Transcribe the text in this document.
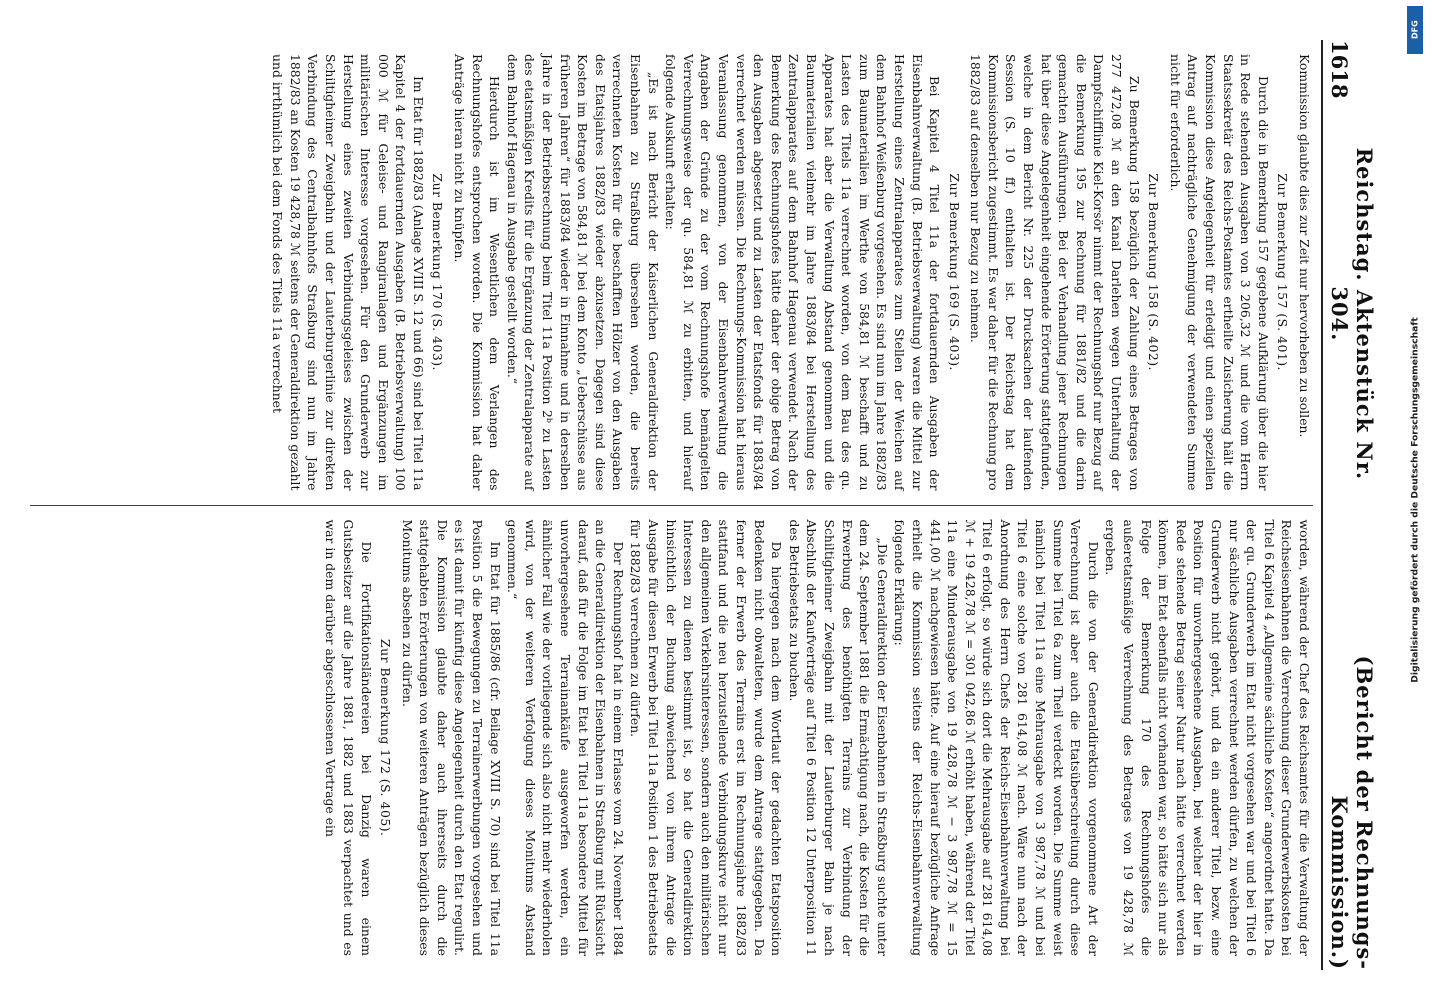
1618
Reichstag. Aktenstück Nr. 304.
(Bericht der Rechnungs-Kommission.)

Kommission glaubte dies zur Zeit nur hervorheben zu sollen.

Zur Bemerkung 157 (S. 401).

Durch die in Bemerkung 157 gegebene Aufklärung über die hier in Rede stehenden Ausgaben von 3 206,32 ℳ und die vom Herrn Staatssekretär des Reichs-Postamtes ertheilte Zusicherung hält die Kommission diese Angelegenheit für erledigt und einen speziellen Antrag auf nachträgliche Genehmigung der verwendeten Summe nicht für erforderlich.

Zur Bemerkung 158 (S. 402).

Zu Bemerkung 158 bezüglich der Zahlung eines Betrages von 277 472,08 ℳ an den Kanal Darlehen wegen Unterhaltung der Dampfschifflinie Kiel-Korsör nimmt der Rechnungshof nur Bezug auf die Bemerkung 195 zur Rechnung für 1881/82 und die darin gemachten Ausführungen. Bei der Verhandlung jener Rechnungen hat über diese Angelegenheit eingehende Erörterung stattgefunden, welche in dem Bericht Nr. 225 der Drucksachen der laufenden Session (S. 10 ff.) enthalten ist. Der Reichstag hat dem Kommissionsbericht zugestimmt. Es war daher für die Rechnung pro 1882/83 auf denselben nur Bezug zu nehmen.

Zur Bemerkung 169 (S. 403).

Bei Kapitel 4 Titel 11a der fortdauernden Ausgaben der Eisenbahnverwaltung (B. Betriebsverwaltung) waren die Mittel zur Herstellung eines Zentralapparates zum Stellen der Weichen auf dem Bahnhof Weißenburg vorgesehen. Es sind nun im Jahre 1882/83 zum Baumaterialien im Werthe von 584,81 ℳ beschafft und zu Lasten des Titels 11a verrechnet worden, von dem Bau des qu. Apparates hat aber die Verwaltung Abstand genommen und die Baumaterialien vielmehr im Jahre 1883/84 bei Herstellung des Zentralapparates auf dem Bahnhof Hagenau verwendet. Nach der Bemerkung des Rechnungshofes hätte daher der obige Betrag von den Ausgaben abgesetzt und zu Lasten der Etatsfonds für 1883/84 verrechnet werden müssen. Die Rechnungs-Kommission hat hieraus Veranlassung genommen, von der Eisenbahnverwaltung die Angaben der Gründe zu der vom Rechnungshofe bemängelten Verrechnungsweise der qu. 584,81 ℳ zu erbitten, und hierauf folgende Auskunft erhalten:

„Es ist nach Bericht der Kaiserlichen Generaldirektion der Eisenbahnen zu Straßburg übersehen worden, die bereits verrechneten Kosten für die beschafften Hölzer von den Ausgaben des Etatsjahres 1882/83 wieder abzusetzen. Dagegen sind diese Kosten im Betrage von 584,81 ℳ bei dem Konto „Ueberschüsse aus früheren Jahren“ für 1883/84 wieder in Einnahme und in derselben Jahre in der Betriebsrechnung beim Titel 11a Position 2ᵇ zu Lasten des etatsmäßigen Kredits für die Ergänzung der Zentralapparate auf dem Bahnhof Hagenau in Ausgabe gestellt worden.“

Hierdurch ist im Wesentlichen dem Verlangen des Rechnungshofes entsprochen worden. Die Kommission hat daher Anträge hieran nicht zu knüpfen.

Zur Bemerkung 170 (S. 403).

Im Etat für 1882/83 (Anlage XVIII S. 12 und 66) sind bei Titel 11a Kapitel 4 der fortdauernden Ausgaben (B. Betriebsverwaltung) 100 000 ℳ für Geleise- und Rangiranlagen und Ergänzungen im militärischen Interesse vorgesehen. Für den Grunderwerb zur Herstellung eines zweiten Verbindungsgeleises zwischen der Schiltigheimer Zweigbahn und der Lauterburgerlinie zur direkten Verbindung des Centralbahnhofs Straßburg sind nun im Jahre 1882/83 an Kosten 19 428,78 ℳ seitens der Generaldirektion gezahlt und irrthümlich bei dem Fonds des Titels 11a verrechnet

worden, während der Chef des Reichsamtes für die Verwaltung der Reichseisenbahnen die Verrechnung dieser Grunderwerbskosten bei Titel 6 Kapitel 4 „Allgemeine sächliche Kosten“ angeordnet hatte. Da der qu. Grunderwerb im Etat nicht vorgesehen war und bei Titel 6 nur sächliche Ausgaben verrechnet werden dürfen, zu welchen der Grunderwerb nicht gehört, und da ein anderer Titel, bezw. eine Position für unvorhergesehene Ausgaben, bei welcher der hier in Rede stehende Betrag seiner Natur nach hätte verrechnet werden können, im Etat ebenfalls nicht vorhanden war, so hätte sich nur als Folge der Bemerkung 170 des Rechnungshofes die außeretatsmäßige Verrechnung des Betrages von 19 428,78 ℳ ergeben.

Durch die von der Generaldirektion vorgenommene Art der Verrechnung ist aber auch die Etatsüberschreitung durch diese Summe bei Titel 6a zum Theil verdeckt worden. Die Summe weist nämlich bei Titel 11a eine Mehrausgabe von 3 987,78 ℳ und bei Titel 6 eine solche von 281 614,08 ℳ nach. Wäre nun nach der Anordnung des Herrn Chefs der Reichs-Eisenbahnverwaltung bei Titel 6 erfolgt, so würde sich dort die Mehrausgabe auf 281 614,08 ℳ + 19 428,78 ℳ = 301 042,86 ℳ erhöht haben, während der Titel 11a eine Minderausgabe von 19 428,78 ℳ − 3 987,78 ℳ = 15 441,00 ℳ nachgewiesen hätte. Auf eine hierauf bezügliche Anfrage erhielt die Kommission seitens der Reichs-Eisenbahnverwaltung folgende Erklärung:

„Die Generaldirektion der Eisenbahnen in Straßburg suchte unter dem 24. September 1881 die Ermächtigung nach, die Kosten für die Erwerbung des benöthigten Terrains zur Verbindung der Schiltigheimer Zweigbahn mit der Lauterburger Bahn je nach Abschluß der Kaufverträge auf Titel 6 Position 12 Unterposition 11 des Betriebsetats zu buchen.

Da hiergegen nach dem Wortlaut der gedachten Etatsposition Bedenken nicht obwalteten, wurde dem Antrage stattgegeben. Da ferner der Erwerb des Terrains erst im Rechnungsjahre 1882/83 stattfand und die neu herzustellende Verbindungskurve nicht nur den allgemeinen Verkehrsinteressen, sondern auch den militärischen Interessen zu dienen bestimmt ist, so hat die Generaldirektion hinsichtlich der Buchung abweichend von ihrem Antrage die Ausgabe für diesen Erwerb bei Titel 11a Position 1 des Betriebsetats für 1882/83 verrechnen zu dürfen.

Der Rechnungshof hat in einem Erlasse vom 24. November 1884 an die Generaldirektion der Eisenbahnen in Straßburg mit Rücksicht darauf, daß für die Folge im Etat bei Titel 11a besondere Mittel für unvorhergesehene Terrainankäufe ausgeworfen werden, ein ähnlicher Fall wie der vorliegende sich also nicht mehr wiederholen wird, von der weiteren Verfolgung dieses Monitums Abstand genommen.“

Im Etat für 1885/86 (cfr. Beilage XVIII S. 70) sind bei Titel 11a Position 5 die Bewegungen zu Terrainerwerbungen vorgesehen und es ist damit für künftig diese Angelegenheit durch den Etat regulirt. Die Kommission glaubte daher auch ihrerseits durch die stattgehabten Erörterungen von weiteren Anträgen bezüglich dieses Monitums absehen zu dürfen.

Zur Bemerkung 172 (S. 405).

Die Fortifikationsländereien bei Danzig waren einem Gutsbesitzer auf die Jahre 1881, 1882 und 1883 verpachtet und es war in dem darüber abgeschlossenen Vertrage ein	Digitalisierung gefördert durch die Deutsche Forschungsgemeinschaft
DFG
